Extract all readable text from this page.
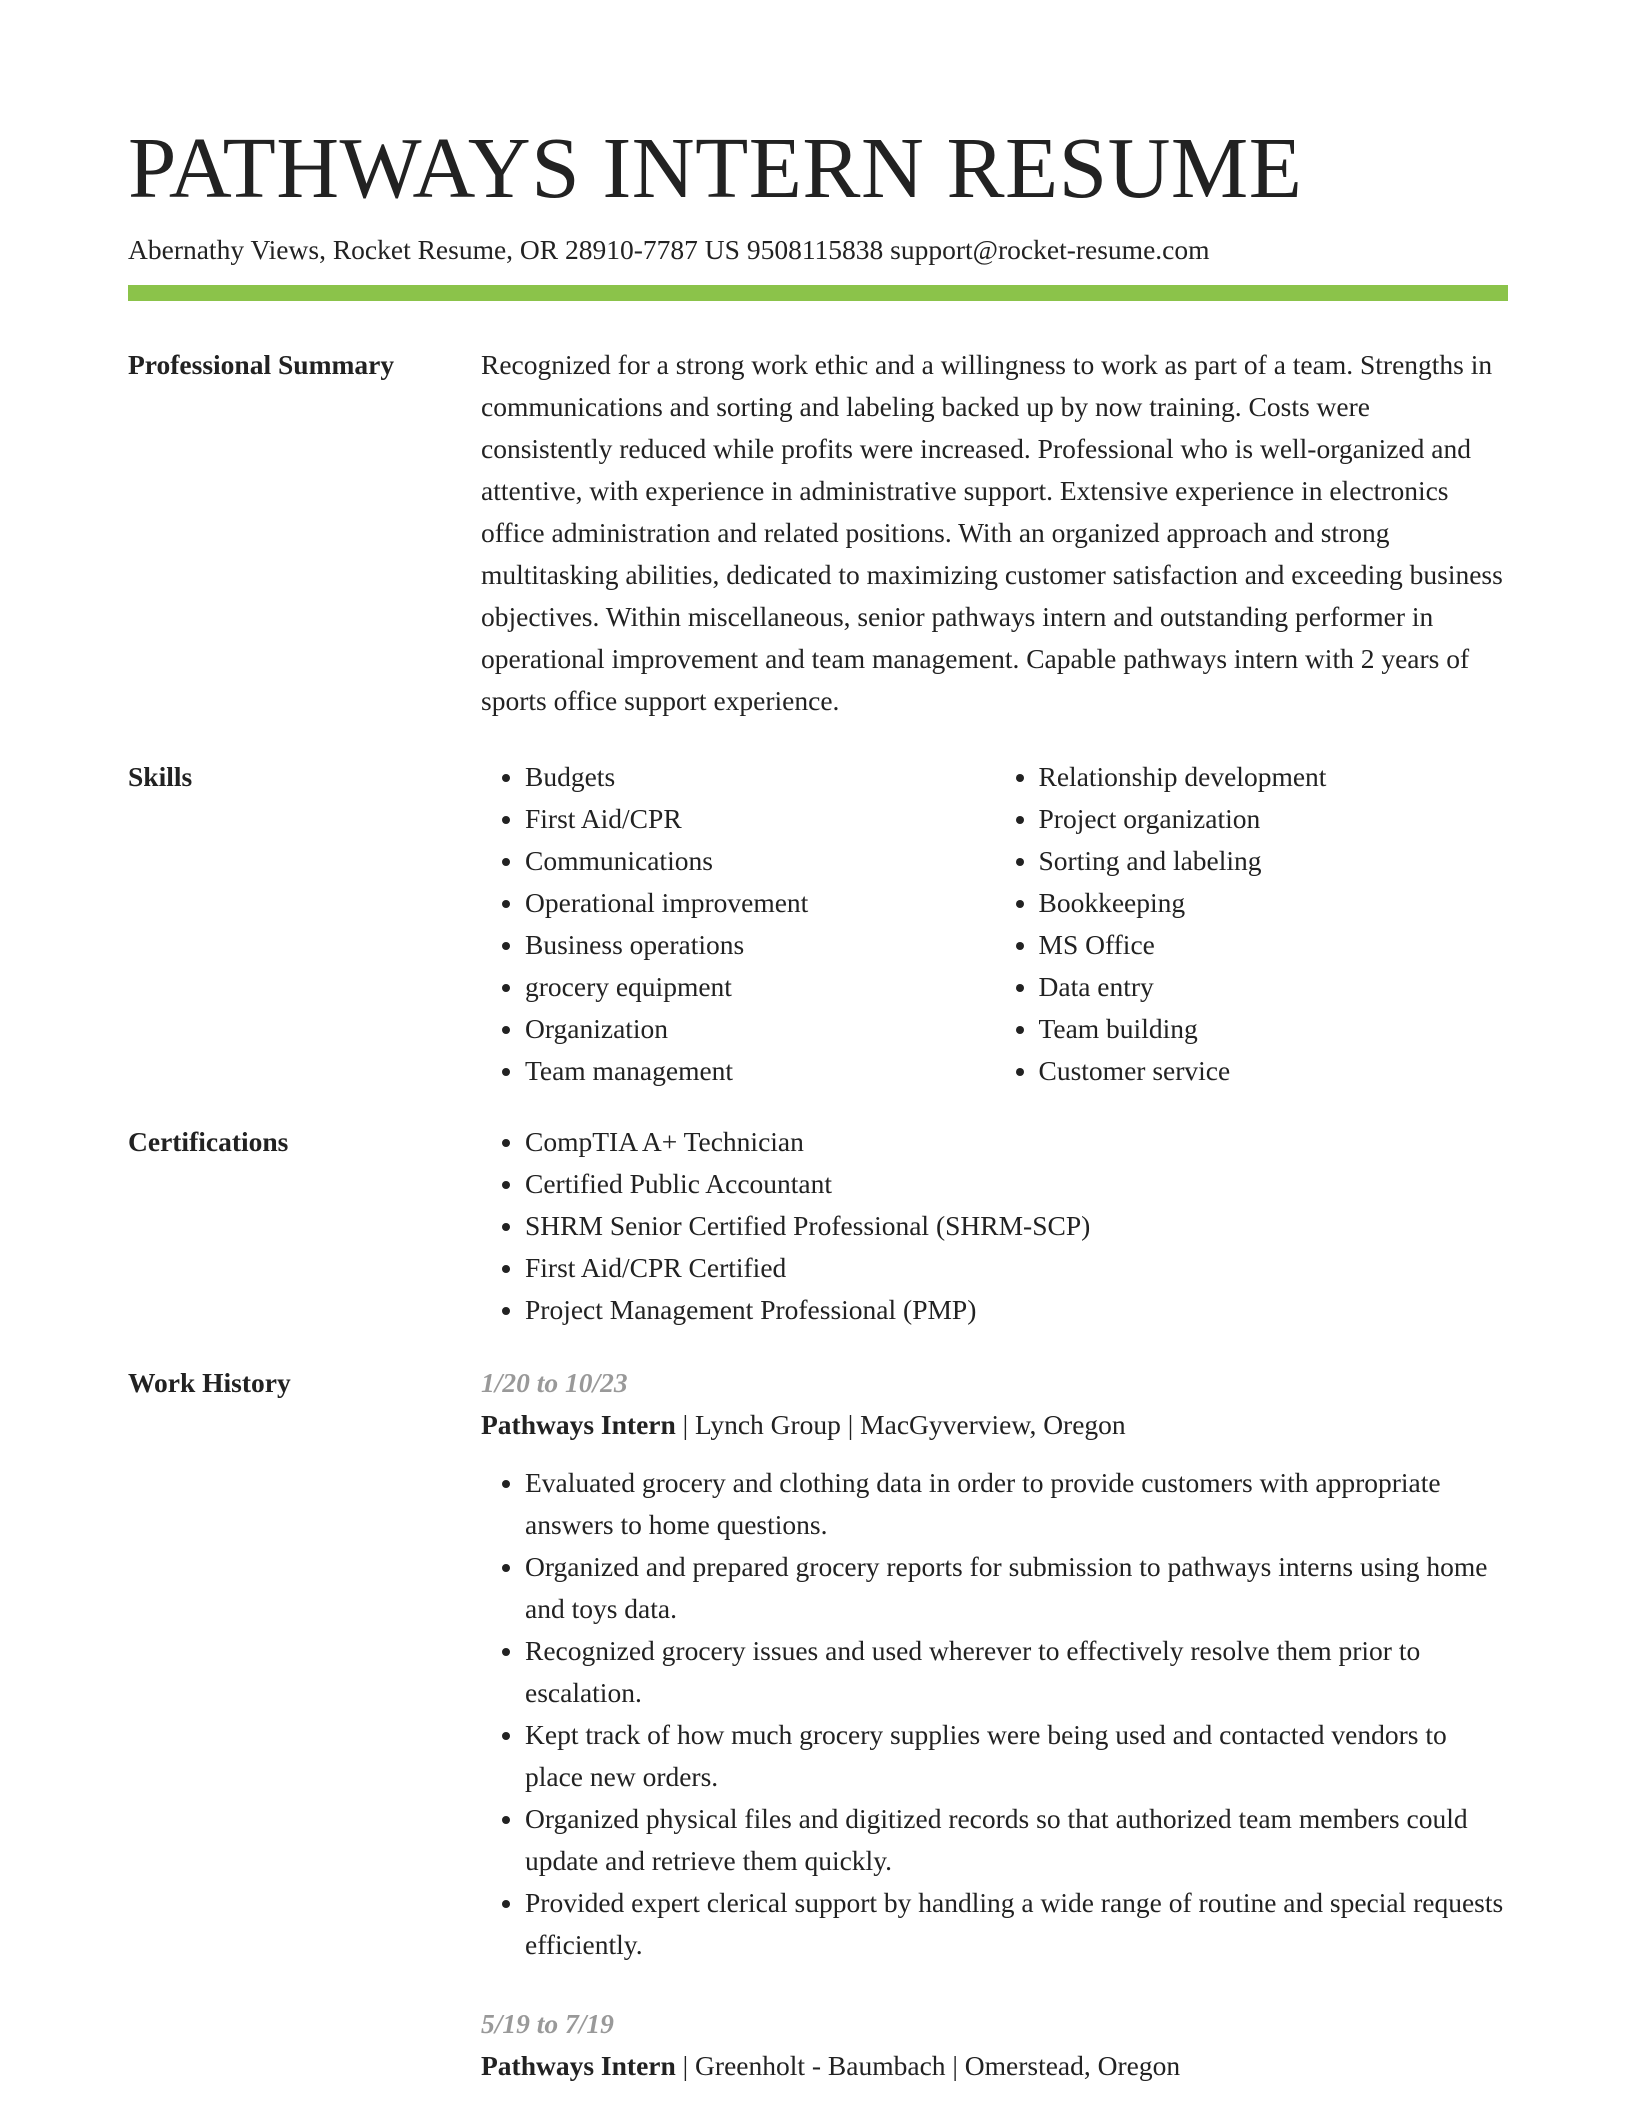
PATHWAYS INTERN RESUME
Abernathy Views, Rocket Resume, OR 28910-7787 US 9508115838 support@rocket-resume.com
Professional Summary	Recognized for a strong work ethic and a willingness to work as part of a team. Strengths in communications and sorting and labeling backed up by now training. Costs were consistently reduced while profits were increased. Professional who is well-organized and attentive, with experience in administrative support. Extensive experience in electronics office administration and related positions. With an organized approach and strong multitasking abilities, dedicated to maximizing customer satisfaction and exceeding business objectives. Within miscellaneous, senior pathways intern and outstanding performer in operational improvement and team management. Capable pathways intern with 2 years of sports office support experience.

Skills	• Budgets
• First Aid/CPR
• Communications
• Operational improvement
• Business operations
• grocery equipment
• Organization
• Team management
• Relationship development
• Project organization
• Sorting and labeling
• Bookkeeping
• MS Office
• Data entry
• Team building
• Customer service
Certifications	• CompTIA A+ Technician
• Certified Public Accountant
• SHRM Senior Certified Professional (SHRM-SCP)
• First Aid/CPR Certified
• Project Management Professional (PMP)
Work History	1/20 to 10/23
Pathways Intern | Lynch Group | MacGyverview, Oregon
• Evaluated grocery and clothing data in order to provide customers with appropriate answers to home questions.
• Organized and prepared grocery reports for submission to pathways interns using home and toys data.
• Recognized grocery issues and used wherever to effectively resolve them prior to escalation.
• Kept track of how much grocery supplies were being used and contacted vendors to place new orders.
• Organized physical files and digitized records so that authorized team members could update and retrieve them quickly.
• Provided expert clerical support by handling a wide range of routine and special requests efficiently.
5/19 to 7/19
Pathways Intern | Greenholt - Baumbach | Omerstead, Oregon
